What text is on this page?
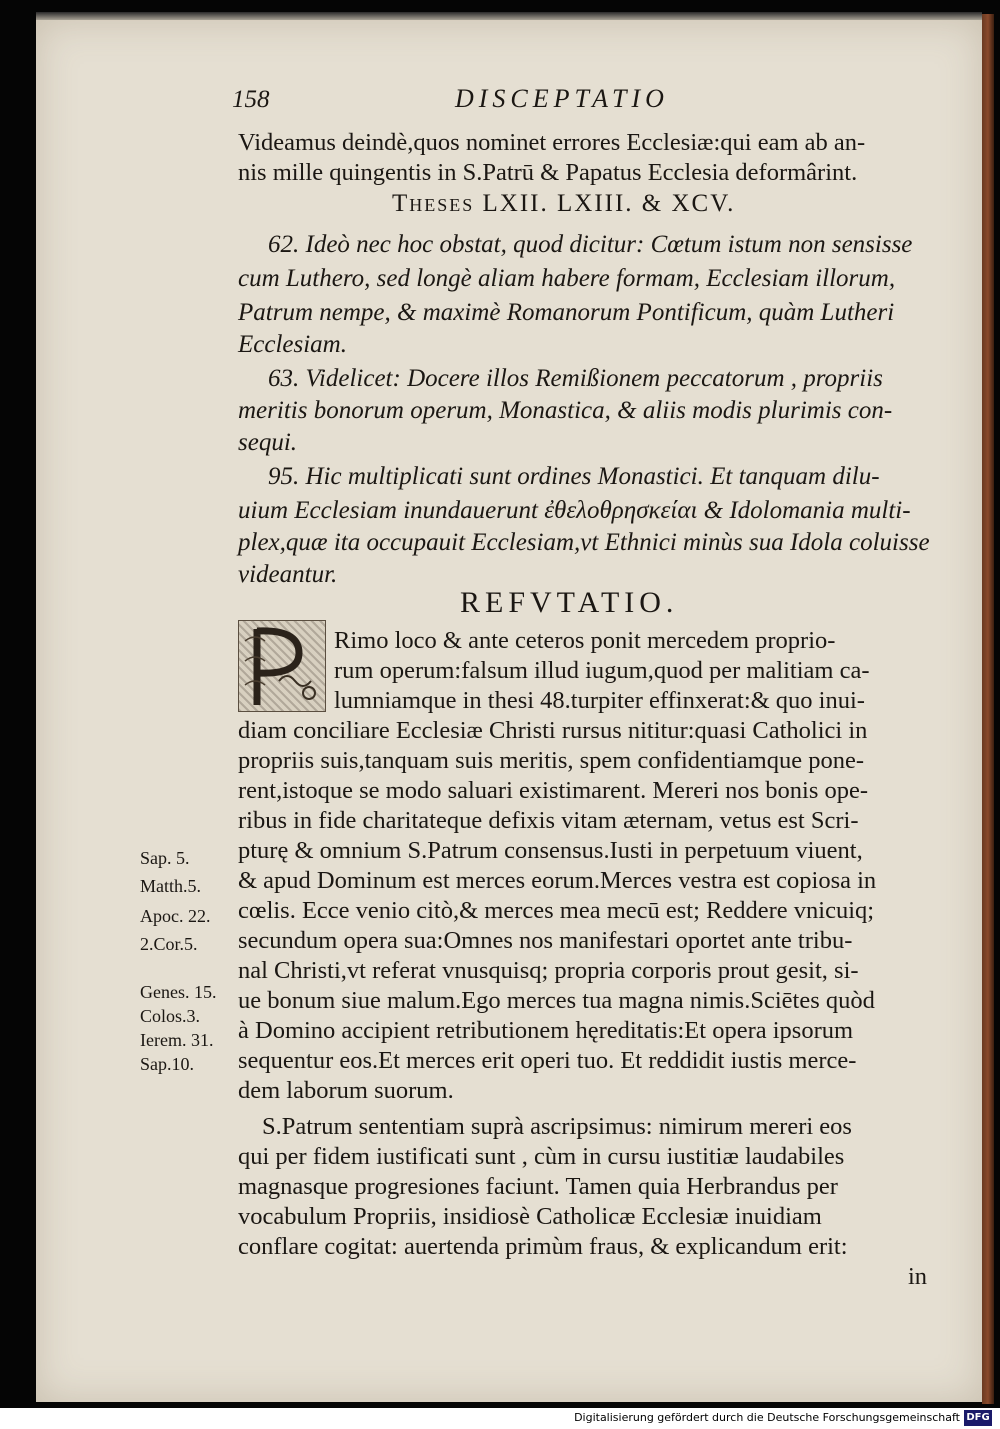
158	DISCEPTATIO
Videamus deindè,quos nominet errores Ecclesiæ:qui eam ab an-
nis mille quingentis in S.Patrū & Papatus Ecclesia deformârint.
Theses LXII. LXIII. & XCV.
62. Ideò nec hoc obstat, quod dicitur: Cœtum istum non sensisse
cum Luthero, sed longè aliam habere formam, Ecclesiam illorum,
Patrum nempe, & maximè Romanorum Pontificum, quàm Lutheri
Ecclesiam.
63. Videlicet: Docere illos Remißionem peccatorum , propriis
meritis bonorum operum, Monastica, & aliis modis plurimis con-
sequi.
95. Hic multiplicati sunt ordines Monastici. Et tanquam dilu-
uium Ecclesiam inundauerunt ἐθελοθρησκείαι & Idolomania multi-
plex,quæ ita occupauit Ecclesiam,vt Ethnici minùs sua Idola coluisse
videantur.
REFVTATIO.
Rimo loco & ante ceteros ponit mercedem proprio-
rum operum:falsum illud iugum,quod per malitiam ca-
lumniamque in thesi 48.turpiter effinxerat:& quo inui-
diam conciliare Ecclesiæ Christi rursus nititur:quasi Catholici in
propriis suis,tanquam suis meritis, spem confidentiamque pone-
rent,istoque se modo saluari existimarent. Mereri nos bonis ope-
ribus in fide charitateque defixis vitam æternam, vetus est Scri-
pturę & omnium S.Patrum consensus.Iusti in perpetuum viuent,
& apud Dominum est merces eorum.Merces vestra est copiosa in
cœlis. Ecce venio citò,& merces mea mecū est; Reddere vnicuiq;
secundum opera sua:Omnes nos manifestari oportet ante tribu-
nal Christi,vt referat vnusquisq; propria corporis prout gesit, si-
ue bonum siue malum.Ego merces tua magna nimis.Sciētes quòd
à Domino accipient retributionem hęreditatis:Et opera ipsorum
sequentur eos.Et merces erit operi tuo. Et reddidit iustis merce-
dem laborum suorum.
S.Patrum sententiam suprà ascripsimus: nimirum mereri eos
qui per fidem iustificati sunt , cùm in cursu iustitiæ laudabiles
magnasque progresiones faciunt. Tamen quia Herbrandus per
vocabulum Propriis, insidiosè Catholicæ Ecclesiæ inuidiam
conflare cogitat: auertenda primùm fraus, & explicandum erit:
in
Sap. 5.
Matth.5.
Apoc. 22.
2.Cor.5.
Genes. 15.
Colos.3.
Ierem. 31.
Sap.10.
Digitalisierung gefördert durch die Deutsche Forschungsgemeinschaft DFG
